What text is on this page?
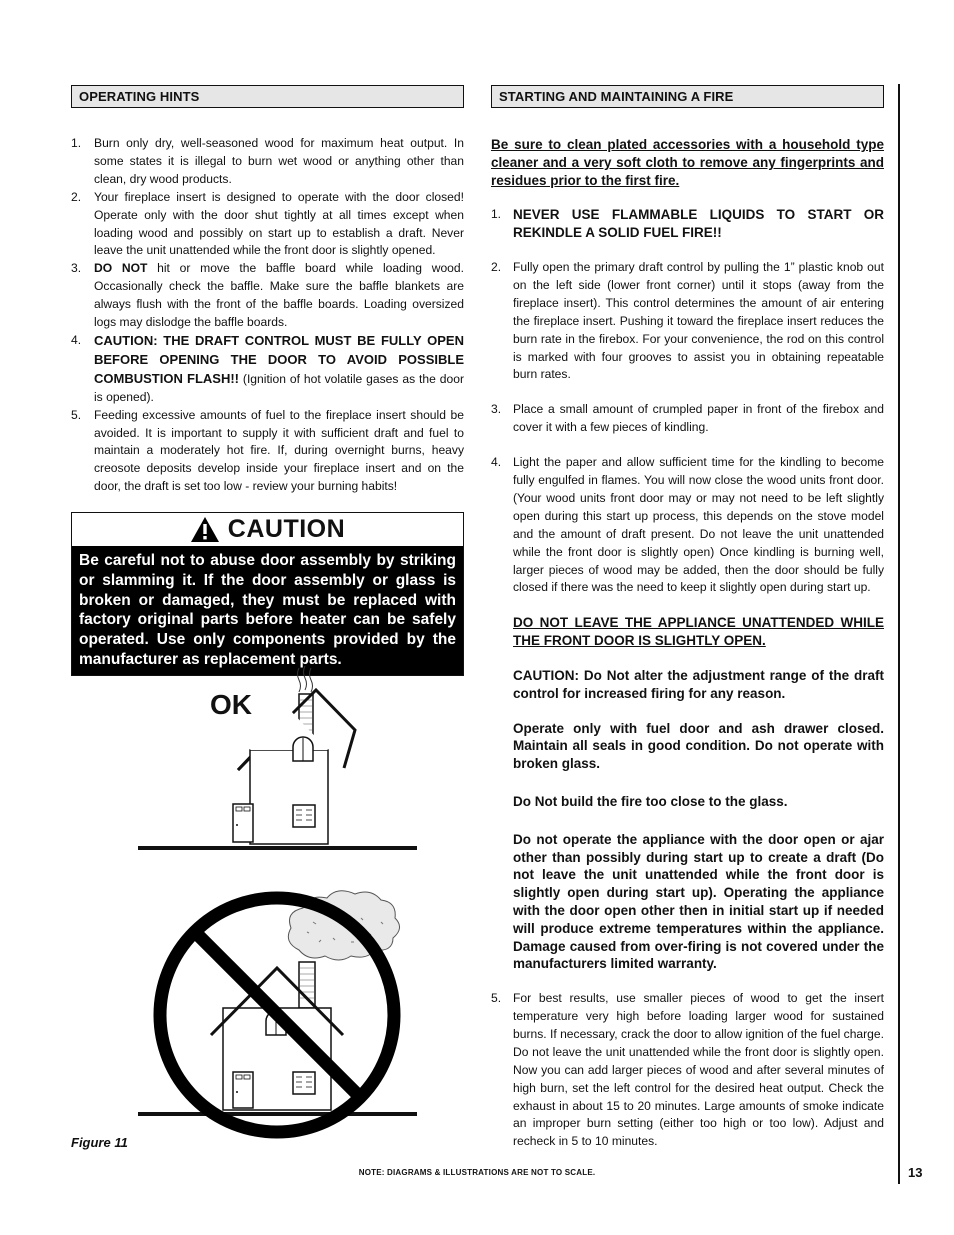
OPERATING HINTS
1. Burn only dry, well-seasoned wood for maximum heat output. In some states it is illegal to burn wet wood or anything other than clean, dry wood products.
2. Your fireplace insert is designed to operate with the door closed! Operate only with the door shut tightly at all times except when loading wood and possibly on start up to establish a draft. Never leave the unit unattended while the front door is slightly opened.
3. DO NOT hit or move the baffle board while loading wood. Occasionally check the baffle. Make sure the baffle blankets are always flush with the front of the baffle boards. Loading oversized logs may dislodge the baffle boards.
4. CAUTION: THE DRAFT CONTROL MUST BE FULLY OPEN BEFORE OPENING THE DOOR TO AVOID POSSIBLE COMBUSTION FLASH!! (Ignition of hot volatile gases as the door is opened).
5. Feeding excessive amounts of fuel to the fireplace insert should be avoided. It is important to supply it with sufficient draft and fuel to maintain a moderately hot fire. If, during overnight burns, heavy creosote deposits develop inside your fireplace insert and on the door, the draft is set too low - review your burning habits!
CAUTION
Be careful not to abuse door assembly by striking or slamming it. If the door assembly or glass is broken or damaged, they must be replaced with factory original parts before heater can be safely operated. Use only components provided by the manufacturer as replacement parts.
OK
Figure 11
STARTING AND MAINTAINING A FIRE
Be sure to clean plated accessories with a household type cleaner and a very soft cloth to remove any fingerprints and residues prior to the first fire.
1. NEVER USE FLAMMABLE LIQUIDS TO START OR REKINDLE A SOLID FUEL FIRE!!
2. Fully open the primary draft control by pulling the 1” plastic knob out on the left side (lower front corner) until it stops (away from the fireplace insert). This control determines the amount of air entering the fireplace insert. Pushing it toward the fireplace insert reduces the burn rate in the firebox. For your convenience, the rod on this control is marked with four grooves to assist you in obtaining repeatable burn rates.
3. Place a small amount of crumpled paper in front of the firebox and cover it with a few pieces of kindling.
4. Light the paper and allow sufficient time for the kindling to become fully engulfed in flames. You will now close the wood units front door. (Your wood units front door may or may not need to be left slightly open during this start up process, this depends on the stove model and the amount of draft present. Do not leave the unit unattended while the front door is slightly open) Once kindling is burning well, larger pieces of wood may be added, then the door should be fully closed if there was the need to keep it slightly open during start up.
DO NOT LEAVE THE APPLIANCE UNATTENDED WHILE THE FRONT DOOR IS SLIGHTLY OPEN.
CAUTION: Do Not alter the adjustment range of the draft control for increased firing for any reason.
Operate only with fuel door and ash drawer closed. Maintain all seals in good condition. Do not operate with broken glass.
Do Not build the fire too close to the glass.
Do not operate the appliance with the door open or ajar other than possibly during start up to create a draft (Do not leave the unit unattended while the front door is slightly open during start up). Operating the appliance with the door open other then in initial start up if needed will produce extreme temperatures within the appliance. Damage caused from over-firing is not covered under the manufacturers limited warranty.
5. For best results, use smaller pieces of wood to get the insert temperature very high before loading larger wood for sustained burns. If necessary, crack the door to allow ignition of the fuel charge. Do not leave the unit unattended while the front door is slightly open. Now you can add larger pieces of wood and after several minutes of high burn, set the left control for the desired heat output. Check the exhaust in about 15 to 20 minutes. Large amounts of smoke indicate an improper burn setting (either too high or too low). Adjust and recheck in 5 to 10 minutes.
NOTE: DIAGRAMS & ILLUSTRATIONS ARE NOT TO SCALE.	13
